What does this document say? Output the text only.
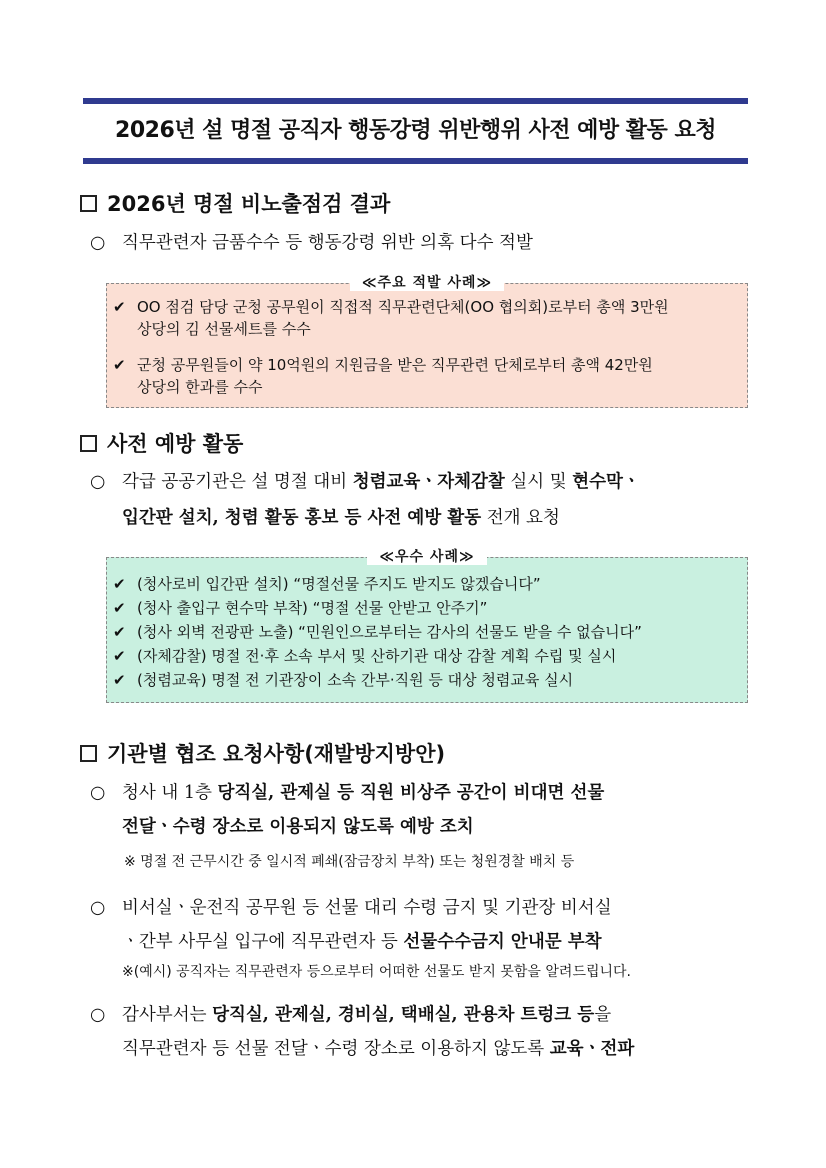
2026년 설 명절 공직자 행동강령 위반행위 사전 예방 활동 요청
2026년 명절 비노출점검 결과
○ 직무관련자 금품수수 등 행동강령 위반 의혹 다수 적발
≪주요 적발 사례≫
✔ OO 점검 담당 군청 공무원이 직접적 직무관련단체(OO 협의회)로부터 총액 3만원
상당의 김 선물세트를 수수
✔ 군청 공무원들이 약 10억원의 지원금을 받은 직무관련 단체로부터 총액 42만원
상당의 한과를 수수
사전 예방 활동
○ 각급 공공기관은 설 명절 대비 청렴교육ㆍ자체감찰 실시 및 현수막ㆍ
입간판 설치, 청렴 활동 홍보 등 사전 예방 활동 전개 요청
≪우수 사례≫
✔ (청사로비 입간판 설치) “명절선물 주지도 받지도 않겠습니다”
✔ (청사 출입구 현수막 부착) “명절 선물 안받고 안주기”
✔ (청사 외벽 전광판 노출) “민원인으로부터는 감사의 선물도 받을 수 없습니다”
✔ (자체감찰) 명절 전·후 소속 부서 및 산하기관 대상 감찰 계획 수립 및 실시
✔ (청렴교육) 명절 전 기관장이 소속 간부·직원 등 대상 청렴교육 실시
기관별 협조 요청사항(재발방지방안)
○ 청사 내 1층 당직실, 관제실 등 직원 비상주 공간이 비대면 선물
전달ㆍ수령 장소로 이용되지 않도록 예방 조치
※ 명절 전 근무시간 중 일시적 폐쇄(잠금장치 부착) 또는 청원경찰 배치 등
○ 비서실ㆍ운전직 공무원 등 선물 대리 수령 금지 및 기관장 비서실
ㆍ간부 사무실 입구에 직무관련자 등 선물수수금지 안내문 부착
※(예시) 공직자는 직무관련자 등으로부터 어떠한 선물도 받지 못함을 알려드립니다.
○ 감사부서는 당직실, 관제실, 경비실, 택배실, 관용차 트렁크 등을
직무관련자 등 선물 전달ㆍ수령 장소로 이용하지 않도록 교육ㆍ전파
